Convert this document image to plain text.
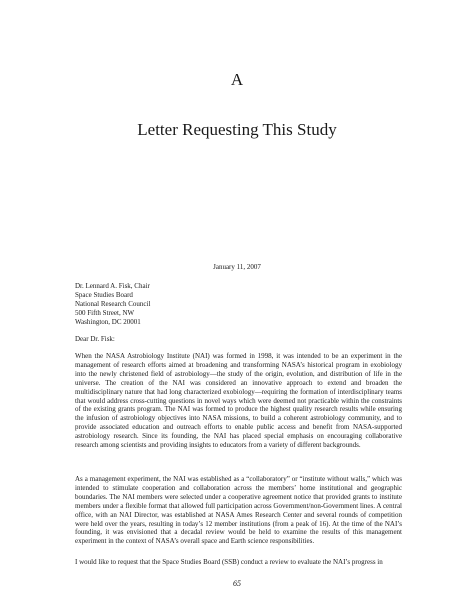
A
Letter Requesting This Study
January 11, 2007
Dr. Lennard A. Fisk, Chair
Space Studies Board
National Research Council
500 Fifth Street, NW
Washington, DC 20001
Dear Dr. Fisk:

When the NASA Astrobiology Institute (NAI) was formed in 1998, it was intended to be an experiment in the management of research efforts aimed at broadening and transforming NASA’s historical program in exobiology into the newly christened field of astrobiology—the study of the origin, evolution, and distribution of life in the universe. The creation of the NAI was considered an innovative approach to extend and broaden the multidisciplinary nature that had long characterized exobiology—requiring the formation of interdisciplinary teams that would address cross-cutting questions in novel ways which were deemed not practicable within the constraints of the existing grants program. The NAI was formed to produce the highest quality research results while ensuring the infusion of astrobiology objectives into NASA missions, to build a coherent astrobiology community, and to provide associated education and outreach efforts to enable public access and benefit from NASA-supported astrobiology research. Since its founding, the NAI has placed special emphasis on encouraging collaborative research among scientists and providing insights to educators from a variety of different backgrounds.

As a management experiment, the NAI was established as a “collaboratory” or “institute without walls,” which was intended to stimulate cooperation and collaboration across the members’ home institutional and geographic boundaries. The NAI members were selected under a cooperative agreement notice that provided grants to institute members under a flexible format that allowed full participation across Government/non-Government lines. A central office, with an NAI Director, was established at NASA Ames Research Center and several rounds of competition were held over the years, resulting in today’s 12 member institutions (from a peak of 16). At the time of the NAI’s founding, it was envisioned that a decadal review would be held to examine the results of this management experiment in the context of NASA’s overall space and Earth science responsibilities.

I would like to request that the Space Studies Board (SSB) conduct a review to evaluate the NAI’s progress in

65
